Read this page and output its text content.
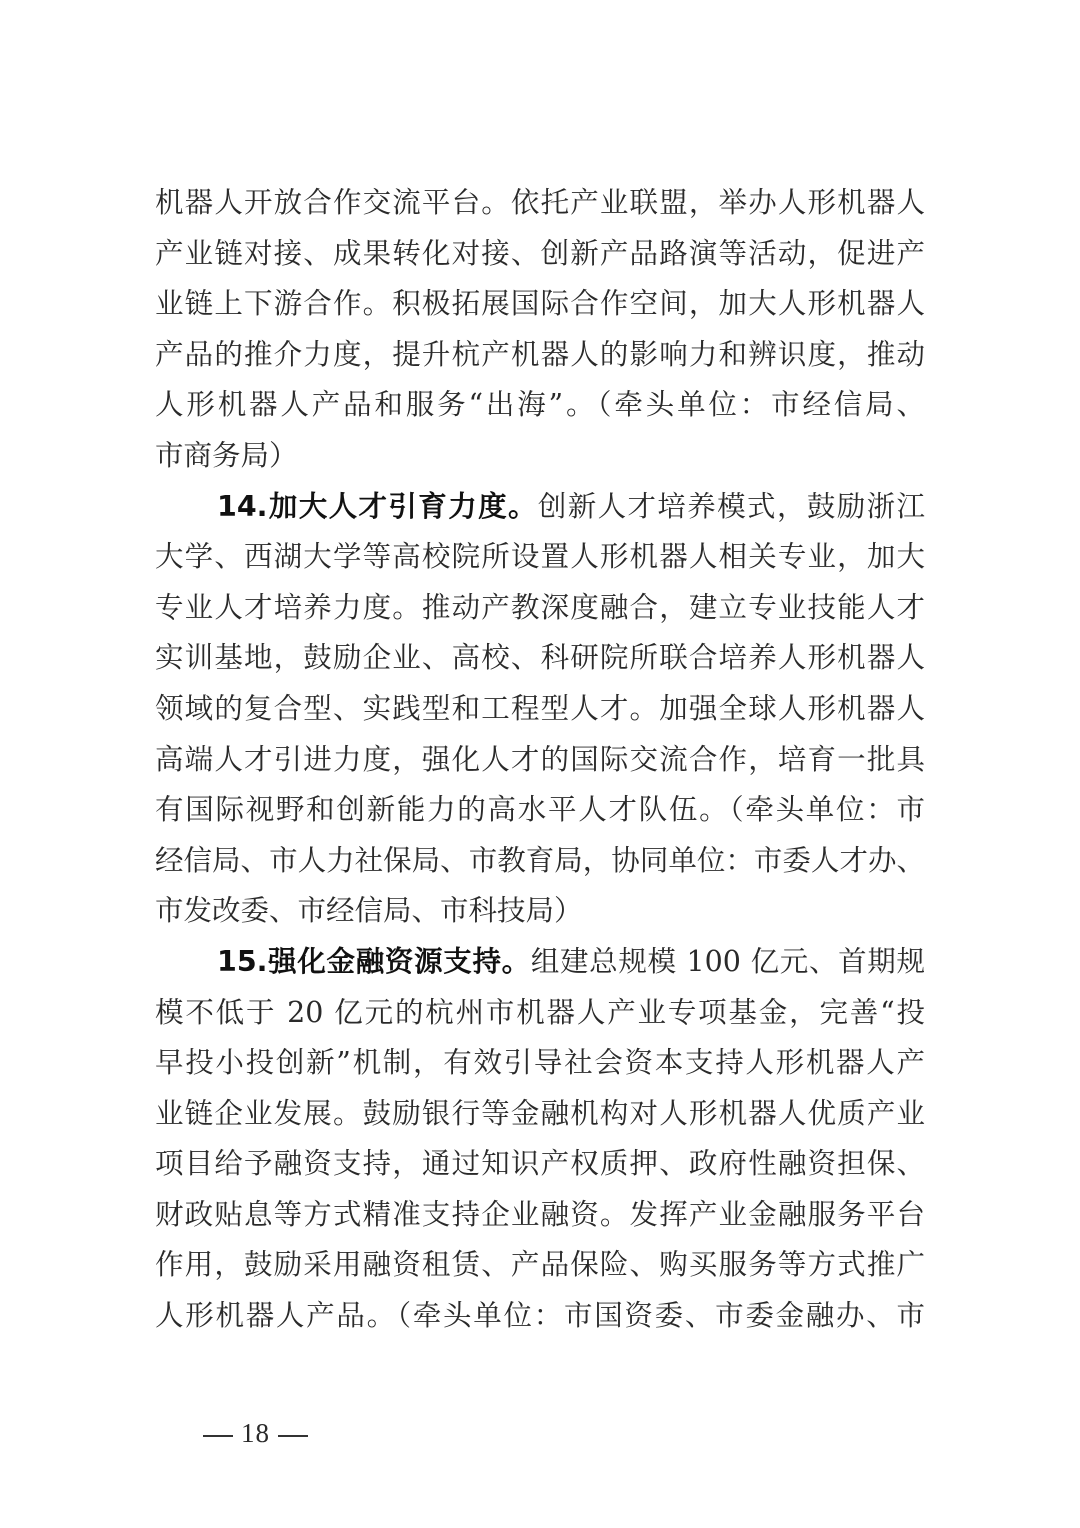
机器人开放合作交流平台。依托产业联盟，举办人形机器人
产业链对接、成果转化对接、创新产品路演等活动，促进产
业链上下游合作。积极拓展国际合作空间，加大人形机器人
产品的推介力度，提升杭产机器人的影响力和辨识度，推动
人形机器人产品和服务“出海”。（牵头单位：市经信局、
市商务局）
14.加大人才引育力度。创新人才培养模式，鼓励浙江
大学、西湖大学等高校院所设置人形机器人相关专业，加大
专业人才培养力度。推动产教深度融合，建立专业技能人才
实训基地，鼓励企业、高校、科研院所联合培养人形机器人
领域的复合型、实践型和工程型人才。加强全球人形机器人
高端人才引进力度，强化人才的国际交流合作，培育一批具
有国际视野和创新能力的高水平人才队伍。（牵头单位：市
经信局、市人力社保局、市教育局，协同单位：市委人才办、
市发改委、市经信局、市科技局）
15.强化金融资源支持。组建总规模 100 亿元、首期规
模不低于 20 亿元的杭州市机器人产业专项基金，完善“投
早投小投创新”机制，有效引导社会资本支持人形机器人产
业链企业发展。鼓励银行等金融机构对人形机器人优质产业
项目给予融资支持，通过知识产权质押、政府性融资担保、
财政贴息等方式精准支持企业融资。发挥产业金融服务平台
作用，鼓励采用融资租赁、产品保险、购买服务等方式推广
人形机器人产品。（牵头单位：市国资委、市委金融办、市
18
